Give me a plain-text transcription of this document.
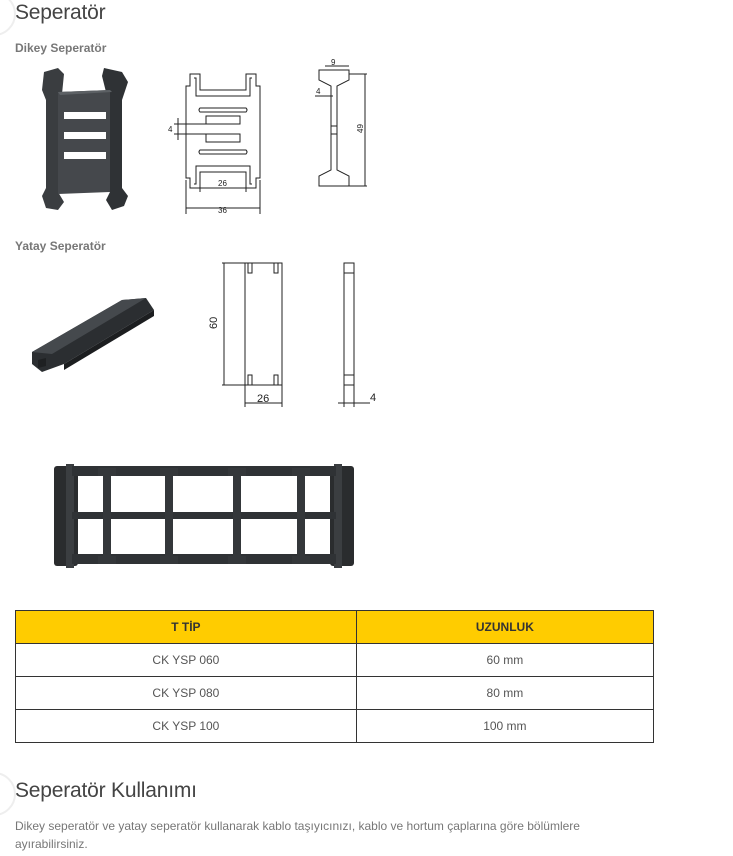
Seperatör
Dikey Seperatör
26
36
4
9
4
49
Yatay Seperatör
60
26	4
T TİP	UZUNLUK
CK YSP 060	60 mm
CK YSP 080	80 mm
CK YSP 100	100 mm
Seperatör Kullanımı
Dikey seperatör ve yatay seperatör kullanarak kablo taşıyıcınızı, kablo ve hortum çaplarına göre bölümlere ayırabilirsiniz.
